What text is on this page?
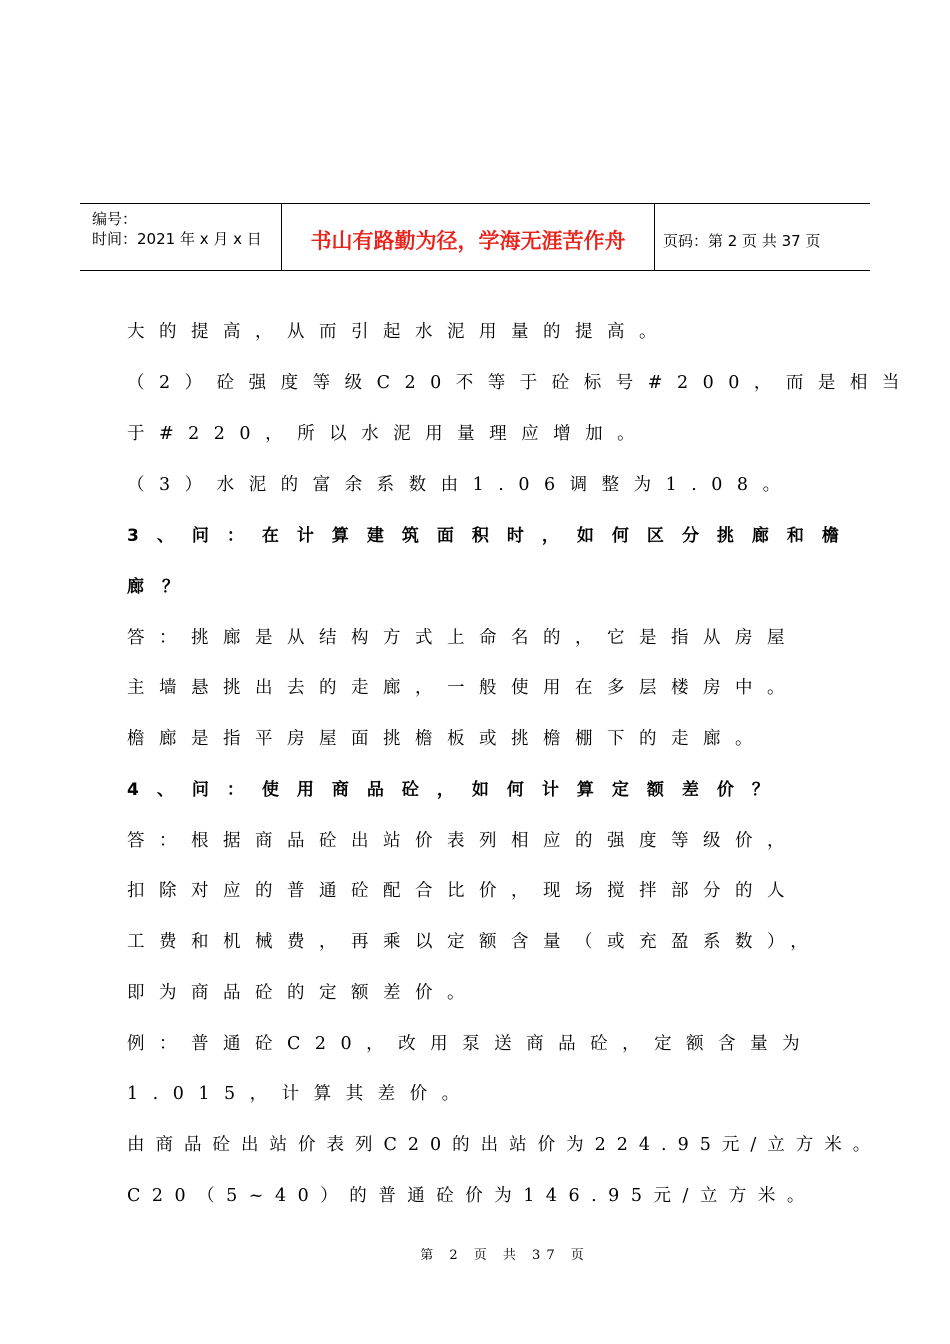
编号：
时间：2021 年 x 月 x 日	书山有路勤为径，学海无涯苦作舟	页码：第 2 页 共 37 页
大的提高，从而引起水泥用量的提高。
（2）砼强度等级C20不等于砼标号#200，而是相当
于#220，所以水泥用量理应增加。
（3）水泥的富余系数由1.06调整为1.08。
3、问：在计算建筑面积时，如何区分挑廊和檐
廊？
答：挑廊是从结构方式上命名的，它是指从房屋
主墙悬挑出去的走廊，一般使用在多层楼房中。
檐廊是指平房屋面挑檐板或挑檐棚下的走廊。
4、问：使用商品砼，如何计算定额差价？
答：根据商品砼出站价表列相应的强度等级价，
扣除对应的普通砼配合比价，现场搅拌部分的人
工费和机械费，再乘以定额含量（或充盈系数），
即为商品砼的定额差价。
例：普通砼C20，改用泵送商品砼，定额含量为
1.015，计算其差价。
由商品砼出站价表列C20的出站价为224.95元/立方米。
C20（5~40）的普通砼价为146.95元/立方米。
第 2 页 共 37 页
